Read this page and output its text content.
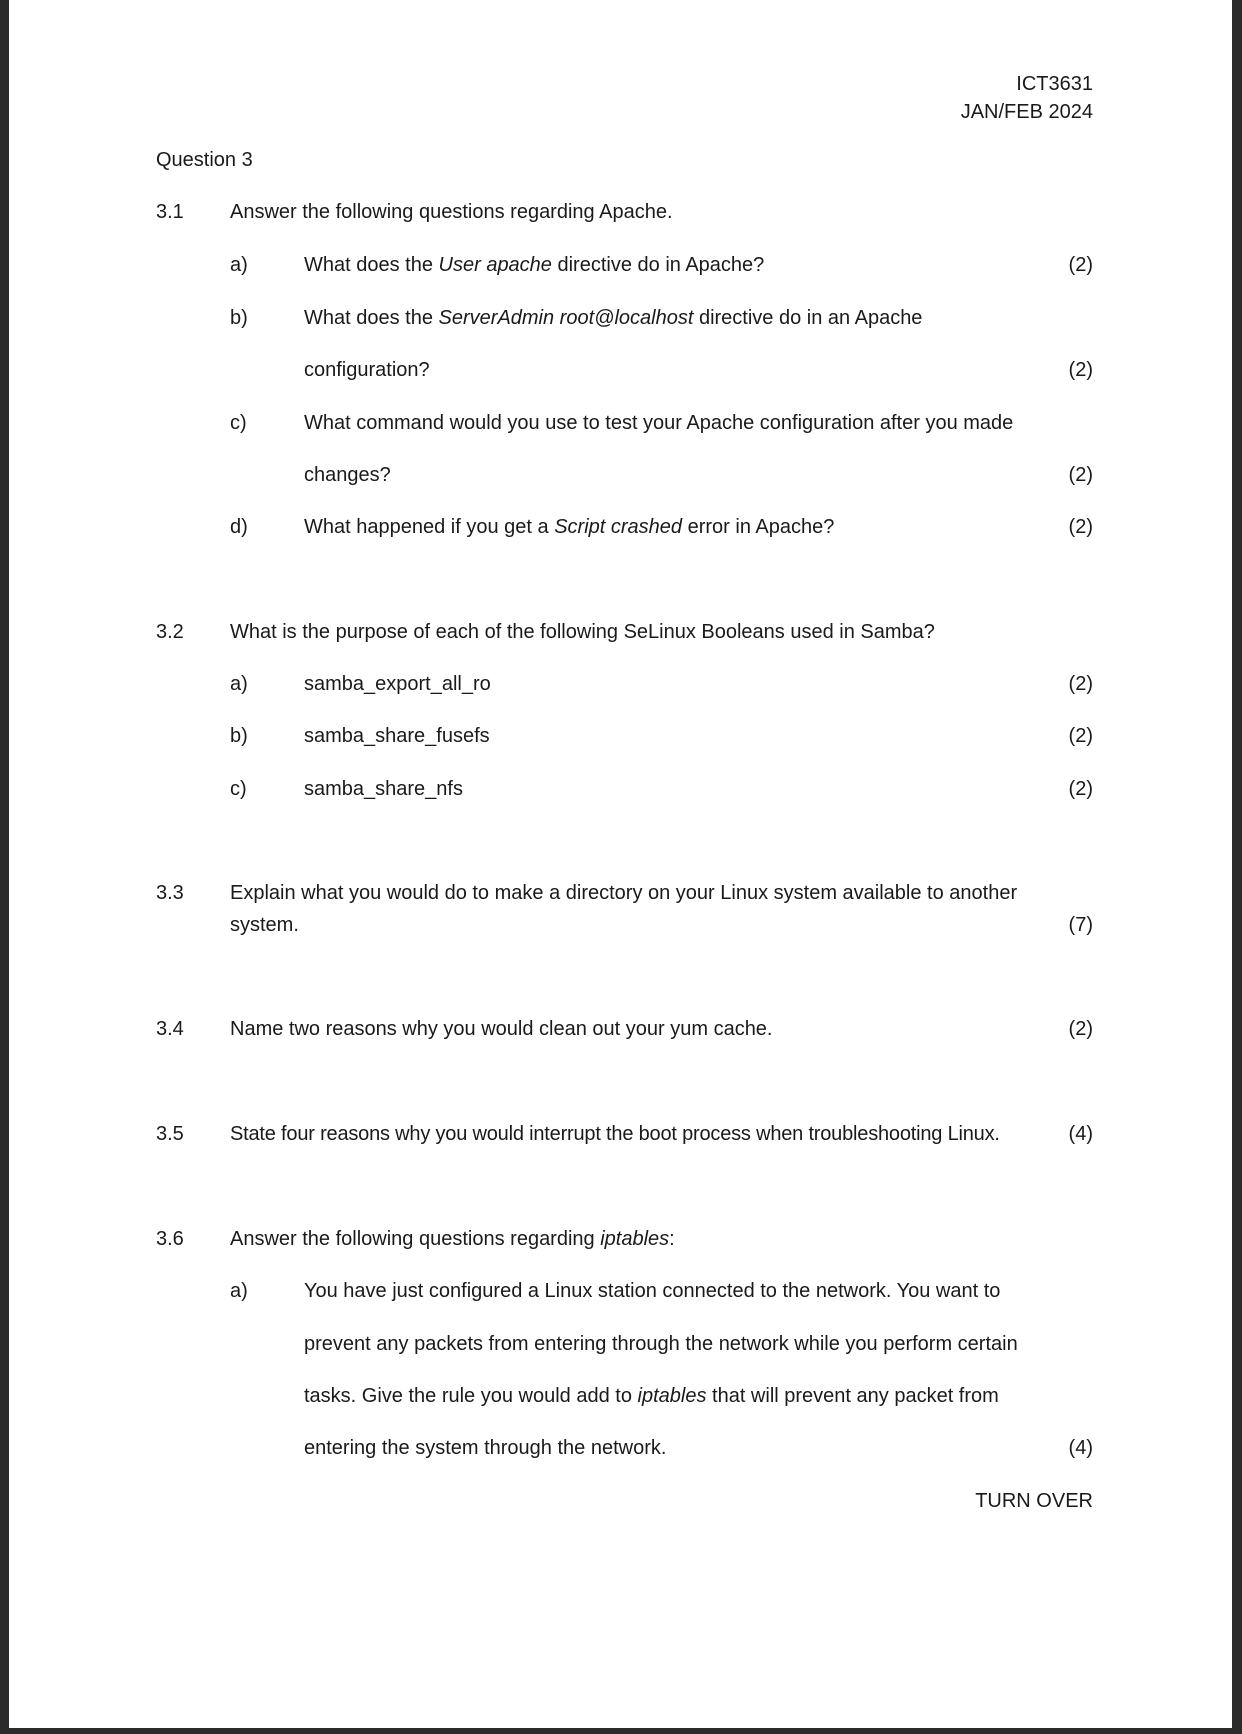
ICT3631
JAN/FEB 2024
Question 3
3.1 Answer the following questions regarding Apache.
a)	What does the User apache directive do in Apache?	(2)
b)	What does the ServerAdmin root@localhost directive do in an Apache
configuration?	(2)
c)	What command would you use to test your Apache configuration after you made
changes?	(2)
d)	What happened if you get a Script crashed error in Apache?	(2)
3.2 What is the purpose of each of the following SeLinux Booleans used in Samba?
a)	samba_export_all_ro	(2)
b)	samba_share_fusefs	(2)
c)	samba_share_nfs	(2)
3.3 Explain what you would do to make a directory on your Linux system available to another
system.	(7)
3.4 Name two reasons why you would clean out your yum cache.	(2)
3.5 State four reasons why you would interrupt the boot process when troubleshooting Linux.	(4)
3.6 Answer the following questions regarding iptables:
a)	You have just configured a Linux station connected to the network. You want to
prevent any packets from entering through the network while you perform certain
tasks. Give the rule you would add to iptables that will prevent any packet from
entering the system through the network.	(4)
TURN OVER
